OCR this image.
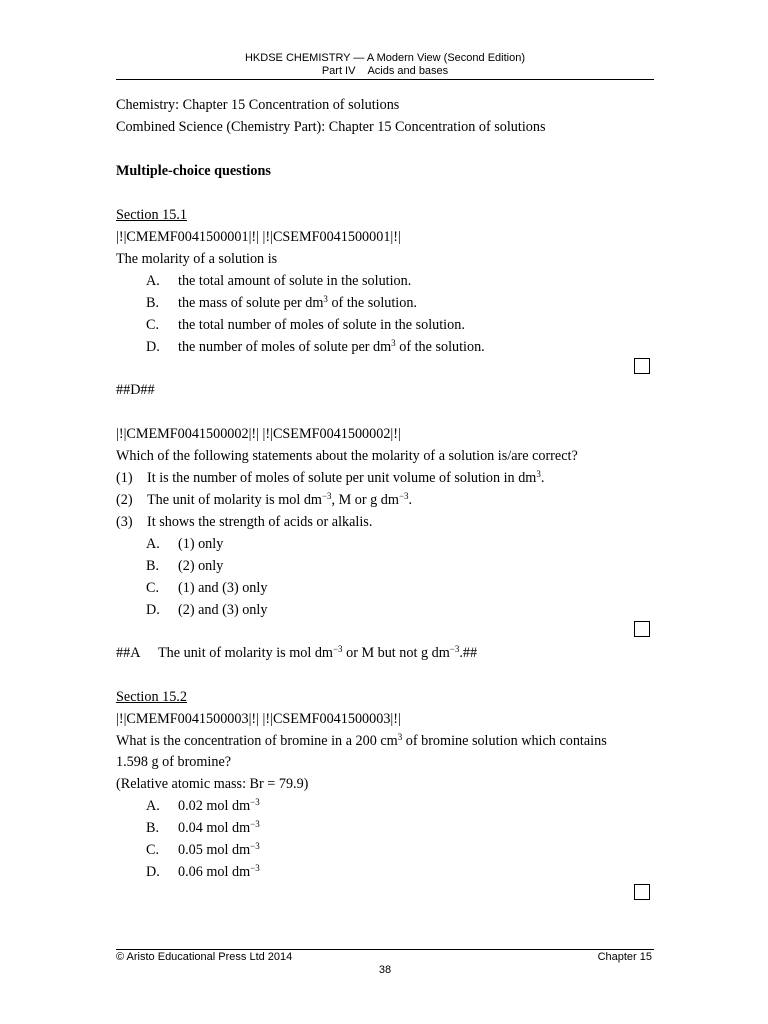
HKDSE CHEMISTRY — A Modern View (Second Edition)
Part IV Acids and bases
Chemistry: Chapter 15 Concentration of solutions
Combined Science (Chemistry Part): Chapter 15 Concentration of solutions
Multiple-choice questions
Section 15.1
|!|CMEMF0041500001|!| |!|CSEMF0041500001|!|
The molarity of a solution is
A. the total amount of solute in the solution.
B. the mass of solute per $dm^3$ of the solution.
C. the total number of moles of solute in the solution.
D. the number of moles of solute per $dm^3$ of the solution.
##D##
|!|CMEMF0041500002|!| |!|CSEMF0041500002|!|
Which of the following statements about the molarity of a solution is/are correct?
(1) It is the number of moles of solute per unit volume of solution in $dm^3$.
(2) The unit of molarity is mol $dm^{-3}$, M or g $dm^{-3}$.
(3) It shows the strength of acids or alkalis.
A. (1) only
B. (2) only
C. (1) and (3) only
D. (2) and (3) only
##A The unit of molarity is mol $dm^{-3}$ or M but not g $dm^{-3}.\#\#$
Section 15.2
|!|CMEMF0041500003|!| |!|CSEMF0041500003|!|
What is the concentration of bromine in a 200 $cm^3$ of bromine solution which contains
1.598 g of bromine?
(Relative atomic mass: Br = 79.9)
A. 0.02 mol $dm^{-3}$
B. 0.04 mol $dm^{-3}$
C. 0.05 mol $dm^{-3}$
D. 0.06 mol $dm^{-3}$
© Aristo Educational Press Ltd 2014	Chapter 15
38
